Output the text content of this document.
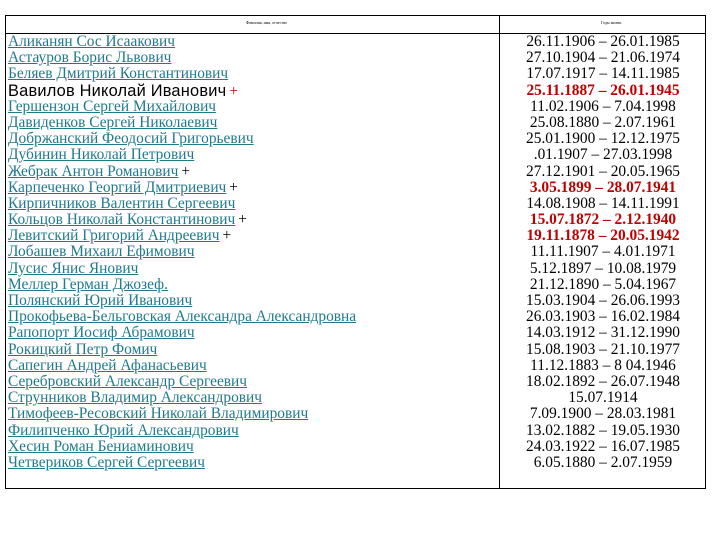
Фамилия, имя, отчество	Годы жизни
Аликанян Сос Исаакович
Астауров Борис Львович
Беляев Дмитрий Константинович
Вавилов Николай Иванович +
Гершензон Сергей Михайлович
Давиденков Сергей Николаевич
Добржанский Феодосий Григорьевич
Дубинин Николай Петрович
Жебрак Антон Романович +
Карпеченко Георгий Дмитриевич +
Кирпичников Валентин Сергеевич
Кольцов Николай Константинович +
Левитский Григорий Андреевич +
Лобашев Михаил Ефимович
Лусис Янис Янович
Меллер Герман Джозеф.
Полянский Юрий Иванович
Прокофьева-Бельговская Александра Александровна
Рапопорт Иосиф Абрамович
Рокицкий Петр Фомич
Сапегин Андрей Афанасьевич
Серебровский Александр Сергеевич
Струнников Владимир Александрович
Тимофеев-Ресовский Николай Владимирович
Филипченко Юрий Александрович
Хесин Роман Бениаминович
Четвериков Сергей Сергеевич
26.11.1906 – 26.01.1985
27.10.1904 – 21.06.1974
17.07.1917 – 14.11.1985
25.11.1887 – 26.01.1945
11.02.1906 – 7.04.1998
25.08.1880 – 2.07.1961
25.01.1900 – 12.12.1975
.01.1907 – 27.03.1998
27.12.1901 – 20.05.1965
3.05.1899 – 28.07.1941
14.08.1908 – 14.11.1991
15.07.1872 – 2.12.1940
19.11.1878 – 20.05.1942
11.11.1907 – 4.01.1971
5.12.1897 – 10.08.1979
21.12.1890 – 5.04.1967
15.03.1904 – 26.06.1993
26.03.1903 – 16.02.1984
14.03.1912 – 31.12.1990
15.08.1903 – 21.10.1977
11.12.1883 – 8 04.1946
18.02.1892 – 26.07.1948
15.07.1914
7.09.1900 – 28.03.1981
13.02.1882 – 19.05.1930
24.03.1922 – 16.07.1985
6.05.1880 – 2.07.1959
